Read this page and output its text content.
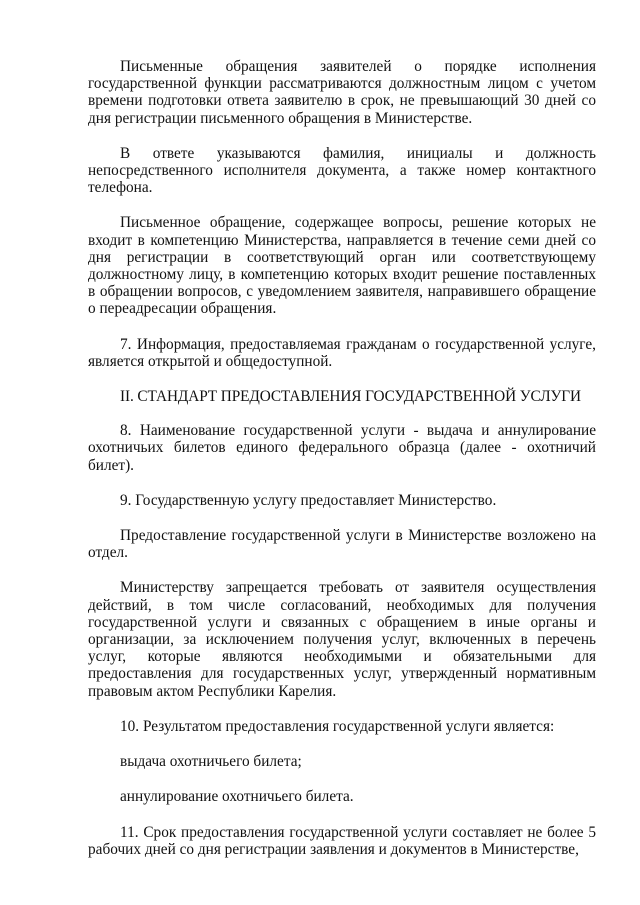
Письменные обращения заявителей о порядке исполнения государственной функции рассматриваются должностным лицом с учетом времени подготовки ответа заявителю в срок, не превышающий 30 дней со дня регистрации письменного обращения в Министерстве.

В ответе указываются фамилия, инициалы и должность непосредственного исполнителя документа, а также номер контактного телефона.

Письменное обращение, содержащее вопросы, решение которых не входит в компетенцию Министерства, направляется в течение семи дней со дня регистрации в соответствующий орган или соответствующему должностному лицу, в компетенцию которых входит решение поставленных в обращении вопросов, с уведомлением заявителя, направившего обращение о переадресации обращения.

7. Информация, предоставляемая гражданам о государственной услуге, является открытой и общедоступной.

II. СТАНДАРТ ПРЕДОСТАВЛЕНИЯ ГОСУДАРСТВЕННОЙ УСЛУГИ

8. Наименование государственной услуги - выдача и аннулирование охотничьих билетов единого федерального образца (далее - охотничий билет).

9. Государственную услугу предоставляет Министерство.

Предоставление государственной услуги в Министерстве возложено на отдел.

Министерству запрещается требовать от заявителя осуществления действий, в том числе согласований, необходимых для получения государственной услуги и связанных с обращением в иные органы и организации, за исключением получения услуг, включенных в перечень услуг, которые являются необходимыми и обязательными для предоставления для государственных услуг, утвержденный нормативным правовым актом Республики Карелия.

10. Результатом предоставления государственной услуги является:

выдача охотничьего билета;

аннулирование охотничьего билета.

11. Срок предоставления государственной услуги составляет не более 5 рабочих дней со дня регистрации заявления и документов в Министерстве,
